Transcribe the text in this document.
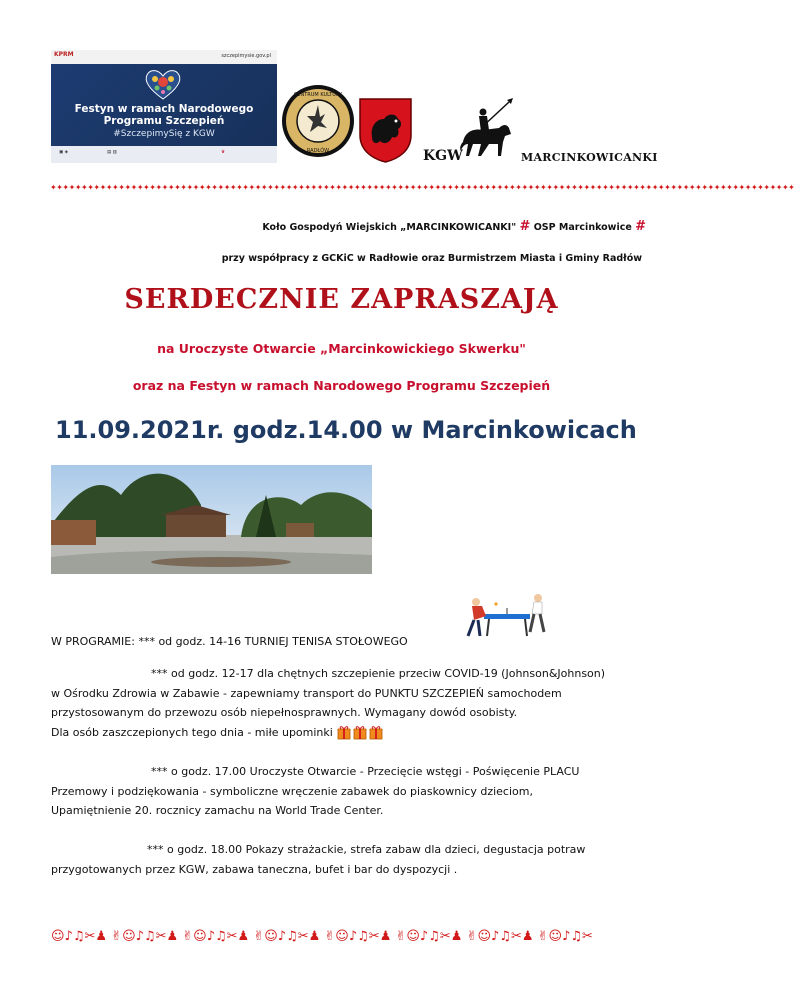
KPRM	szczepimysie.gov.pl
Festyn w ramach Narodowego Programu Szczepień
#SzczepimySię z KGW
▣ ◈	▤ ▥	♛
CENTRUM KULTURY
RADŁÓW	KGW	MARCINKOWICANKI
✦✦✦✦✦✦✦✦✦✦✦✦✦✦✦✦✦✦✦✦✦✦✦✦✦✦✦✦✦✦✦✦✦✦✦✦✦✦✦✦✦✦✦✦✦✦✦✦✦✦✦✦✦✦✦✦✦✦✦✦✦✦✦✦✦✦✦✦✦✦✦✦✦✦✦✦✦✦✦✦✦✦✦✦✦✦✦✦✦✦✦✦✦✦✦✦✦✦✦✦✦✦✦✦✦✦✦✦✦✦✦✦✦✦✦✦✦✦✦✦
Koło Gospodyń Wiejskich „MARCINKOWICANKI" # OSP Marcinkowice #
przy współpracy z GCKiC w Radłowie oraz Burmistrzem Miasta i Gminy Radłów
SERDECZNIE ZAPRASZAJĄ
na Uroczyste Otwarcie „Marcinkowickiego Skwerku"
oraz na Festyn w ramach Narodowego Programu Szczepień
11.09.2021r. godz.14.00 w Marcinkowicach
W PROGRAMIE: *** od godz. 14-16 TURNIEJ TENISA STOŁOWEGO
*** od godz. 12-17 dla chętnych szczepienie przeciw COVID-19 (Johnson&Johnson)
w Ośrodku Zdrowia w Zabawie - zapewniamy transport do PUNKTU SZCZEPIEŃ samochodem
przystosowanym do przewozu osób niepełnosprawnych. Wymagany dowód osobisty.
Dla osób zaszczepionych tego dnia - miłe upominki
*** o godz. 17.00 Uroczyste Otwarcie - Przecięcie wstęgi - Poświęcenie PLACU
Przemowy i podziękowania - symboliczne wręczenie zabawek do piaskownicy dzieciom,
Upamiętnienie 20. rocznicy zamachu na World Trade Center.
*** o godz. 18.00 Pokazy strażackie, strefa zabaw dla dzieci, degustacja potraw
przygotowanych przez KGW, zabawa taneczna, bufet i bar do dyspozycji .
☺♪♫✂♟ ✌☺♪♫✂♟ ✌☺♪♫✂♟ ✌☺♪♫✂♟ ✌☺♪♫✂♟ ✌☺♪♫✂♟ ✌☺♪♫✂♟ ✌☺♪♫✂
